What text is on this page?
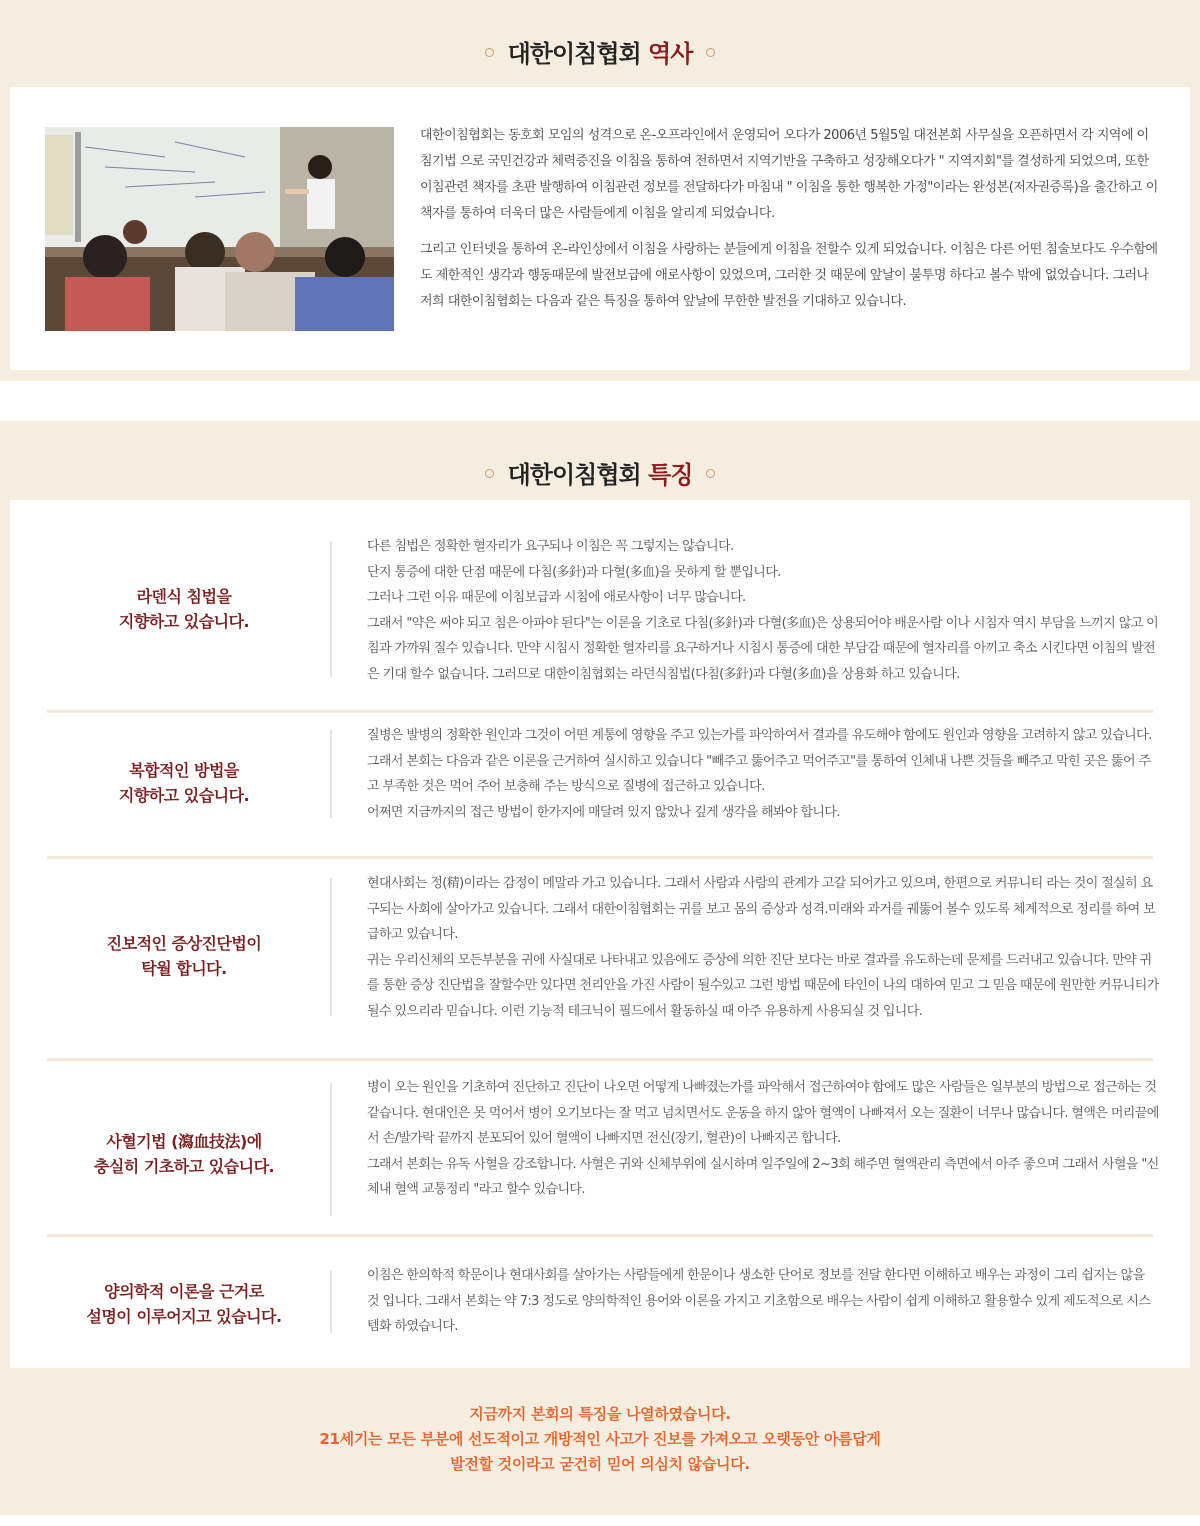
대한이침협회 역사

대한이침협회는 동호회 모임의 성격으로 온-오프라인에서 운영되어 오다가 2006년 5월5일 대전본회 사무실을 오픈하면서 각 지역에 이침기법 으로 국민건강과 체력증진을 이침을 통하여 전하면서 지역기반을 구축하고 성장해오다가 " 지역지회"를 결성하게 되었으며, 또한 이침관련 책자를 초판 발행하여 이침관련 정보를 전달하다가 마침내 " 이침을 통한 행복한 가정"이라는 완성본(저자권증록)을 출간하고 이 책자를 통하여 더욱더 많은 사람들에게 이침을 알리게 되었습니다.

그리고 인터넷을 통하여 온-라인상에서 이침을 사랑하는 분들에게 이침을 전할수 있게 되었습니다. 이침은 다른 어떤 침술보다도 우수함에도 제한적인 생각과 행동때문에 발전보급에 애로사항이 있었으며, 그러한 것 때문에 앞날이 불투명 하다고 볼수 밖에 없었습니다. 그러나 저희 대한이침협회는 다음과 같은 특징을 통하여 앞날에 무한한 발전을 기대하고 있습니다.

대한이침협회 특징
라덴식 침법을
지향하고 있습니다.
다른 침법은 정확한 혈자리가 요구되나 이침은 꼭 그렇지는 않습니다.
단지 통증에 대한 단점 때문에 다침(多針)과 다혈(多血)을 못하게 할 뿐입니다.
그러나 그런 이유 때문에 이침보급과 시침에 애로사항이 너무 많습니다.
그래서 "약은 써야 되고 침은 아파야 된다"는 이론을 기초로 다침(多針)과 다혈(多血)은 상용되어야 배운사람 이나 시침자 역시 부담을 느끼지 않고 이침과 가까워 질수 있습니다. 만약 시침시 정확한 혈자리를 요구하거나 시침시 통증에 대한 부담감 때문에 혈자리를 아끼고 축소 시킨다면 이침의 발전은 기대 할수 없습니다. 그러므로 대한이침협회는 라던식침법(다침(多針)과 다혈(多血)을 상용화 하고 있습니다.
복합적인 방법을
지향하고 있습니다.
질병은 발병의 정확한 원인과 그것이 어떤 계통에 영향을 주고 있는가를 파악하여서 결과를 유도해야 함에도 원인과 영향을 고려하지 않고 있습니다. 그래서 본회는 다음과 같은 이론을 근거하여 실시하고 있습니다 "빼주고 뚫어주고 먹어주고"를 통하여 인체내 나쁜 것들을 빼주고 막힌 곳은 뚫어 주고 부족한 것은 먹어 주어 보충해 주는 방식으로 질병에 접근하고 있습니다.
어쩌면 지금까지의 접근 방법이 한가지에 매달려 있지 않았나 깊게 생각을 해봐야 합니다.
진보적인 증상진단법이
탁월 합니다.
현대사회는 정(精)이라는 감정이 메말라 가고 있습니다. 그래서 사람과 사람의 관계가 고갈 되어가고 있으며, 한편으로 커뮤니티 라는 것이 절실히 요구되는 사회에 살아가고 있습니다. 그래서 대한이침협회는 귀를 보고 몸의 증상과 성격.미래와 과거를 궤뚫어 볼수 있도록 체계적으로 정리를 하여 보급하고 있습니다.
귀는 우리신체의 모든부분을 귀에 사실대로 나타내고 있음에도 증상에 의한 진단 보다는 바로 결과를 유도하는데 문제를 드러내고 있습니다. 만약 귀를 통한 증상 진단법을 잘할수만 있다면 천리안을 가진 사람이 될수있고 그런 방법 때문에 타인이 나의 대하여 믿고 그 믿음 때문에 원만한 커뮤니티가 될수 있으리라 믿습니다. 이런 기능적 테크닉이 필드에서 활동하실 때 아주 유용하게 사용되실 것 입니다.
사혈기법 (瀉血技法)에
충실히 기초하고 있습니다.
병이 오는 원인을 기초하여 진단하고 진단이 나오면 어떻게 나빠졌는가를 파악해서 접근하여야 함에도 많은 사람들은 일부분의 방법으로 접근하는 것 같습니다. 현대인은 못 먹어서 병이 오기보다는 잘 먹고 넘치면서도 운동을 하지 않아 혈액이 나빠져서 오는 질환이 너무나 많습니다. 혈액은 머리끝에서 손/발가락 끝까지 분포되어 있어 혈액이 나빠지면 전신(장기, 혈관)이 나빠지곤 합니다.
그래서 본회는 유독 사혈을 강조합니다. 사혈은 귀와 신체부위에 실시하며 일주일에 2~3회 해주면 혈액관리 측면에서 아주 좋으며 그래서 사혈을 "신체내 혈액 교통정리 "라고 할수 있습니다.
양의학적 이론을 근거로
설명이 이루어지고 있습니다.
이침은 한의학적 학문이나 현대사회를 살아가는 사람들에게 한문이나 생소한 단어로 정보를 전달 한다면 이해하고 배우는 과정이 그리 쉽지는 않을 것 입니다. 그래서 본회는 약 7:3 정도로 양의학적인 용어와 이론을 가지고 기초함으로 배우는 사람이 쉽게 이해하고 활용할수 있게 제도적으로 시스템화 하였습니다.
지금까지 본회의 특징을 나열하였습니다.
21세기는 모든 부분에 선도적이고 개방적인 사고가 진보를 가져오고 오랫동안 아름답게
발전할 것이라고 굳건히 믿어 의심치 않습니다.
